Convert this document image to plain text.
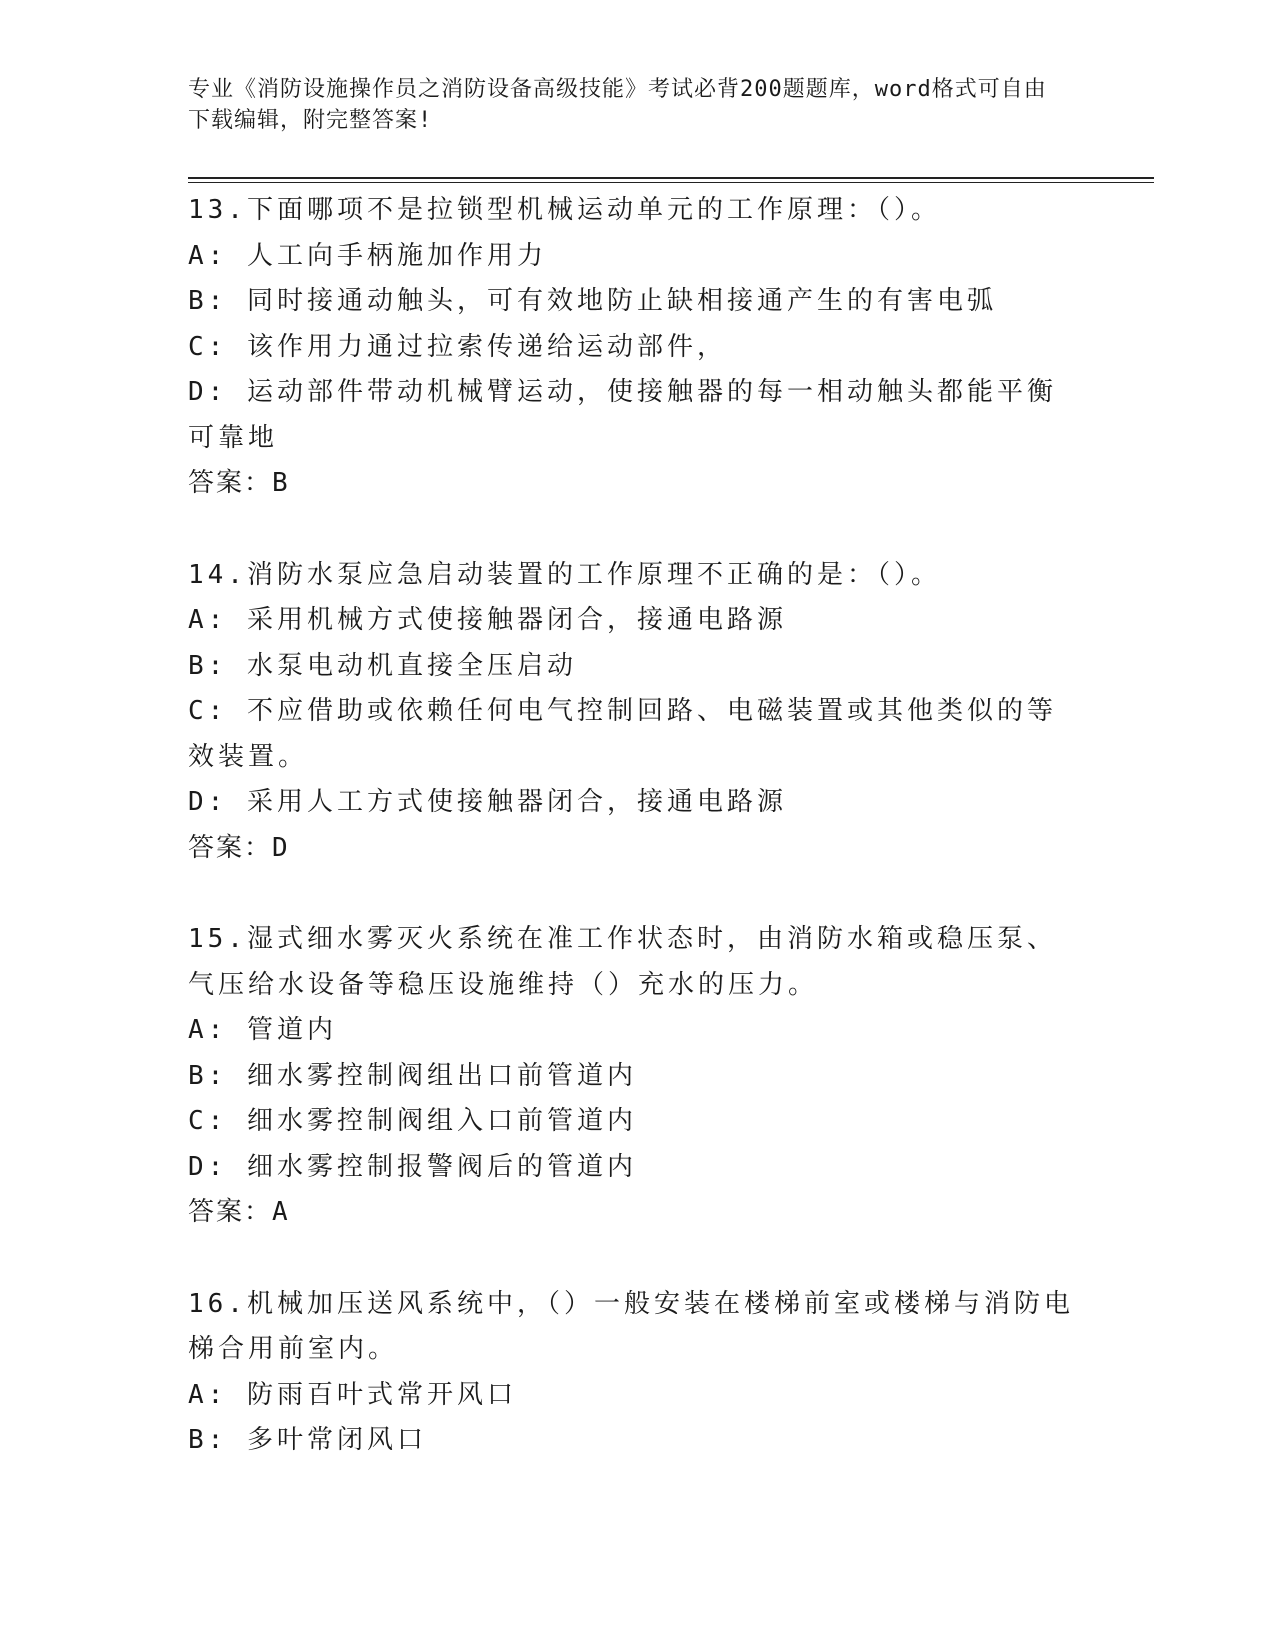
专业《消防设施操作员之消防设备高级技能》考试必背200题题库，word格式可自由下载编辑，附完整答案!

13.下面哪项不是拉锁型机械运动单元的工作原理：（）。

A: 人工向手柄施加作用力

B: 同时接通动触头，可有效地防止缺相接通产生的有害电弧

C: 该作用力通过拉索传递给运动部件，

D: 运动部件带动机械臂运动，使接触器的每一相动触头都能平衡可靠地

答案：B

14.消防水泵应急启动装置的工作原理不正确的是：（）。

A: 采用机械方式使接触器闭合，接通电路源

B: 水泵电动机直接全压启动

C: 不应借助或依赖任何电气控制回路、电磁装置或其他类似的等效装置。

D: 采用人工方式使接触器闭合，接通电路源

答案：D

15.湿式细水雾灭火系统在准工作状态时，由消防水箱或稳压泵、气压给水设备等稳压设施维持（）充水的压力。

A: 管道内

B: 细水雾控制阀组出口前管道内

C: 细水雾控制阀组入口前管道内

D: 细水雾控制报警阀后的管道内

答案：A

16.机械加压送风系统中，（）一般安装在楼梯前室或楼梯与消防电梯合用前室内。

A: 防雨百叶式常开风口

B: 多叶常闭风口
